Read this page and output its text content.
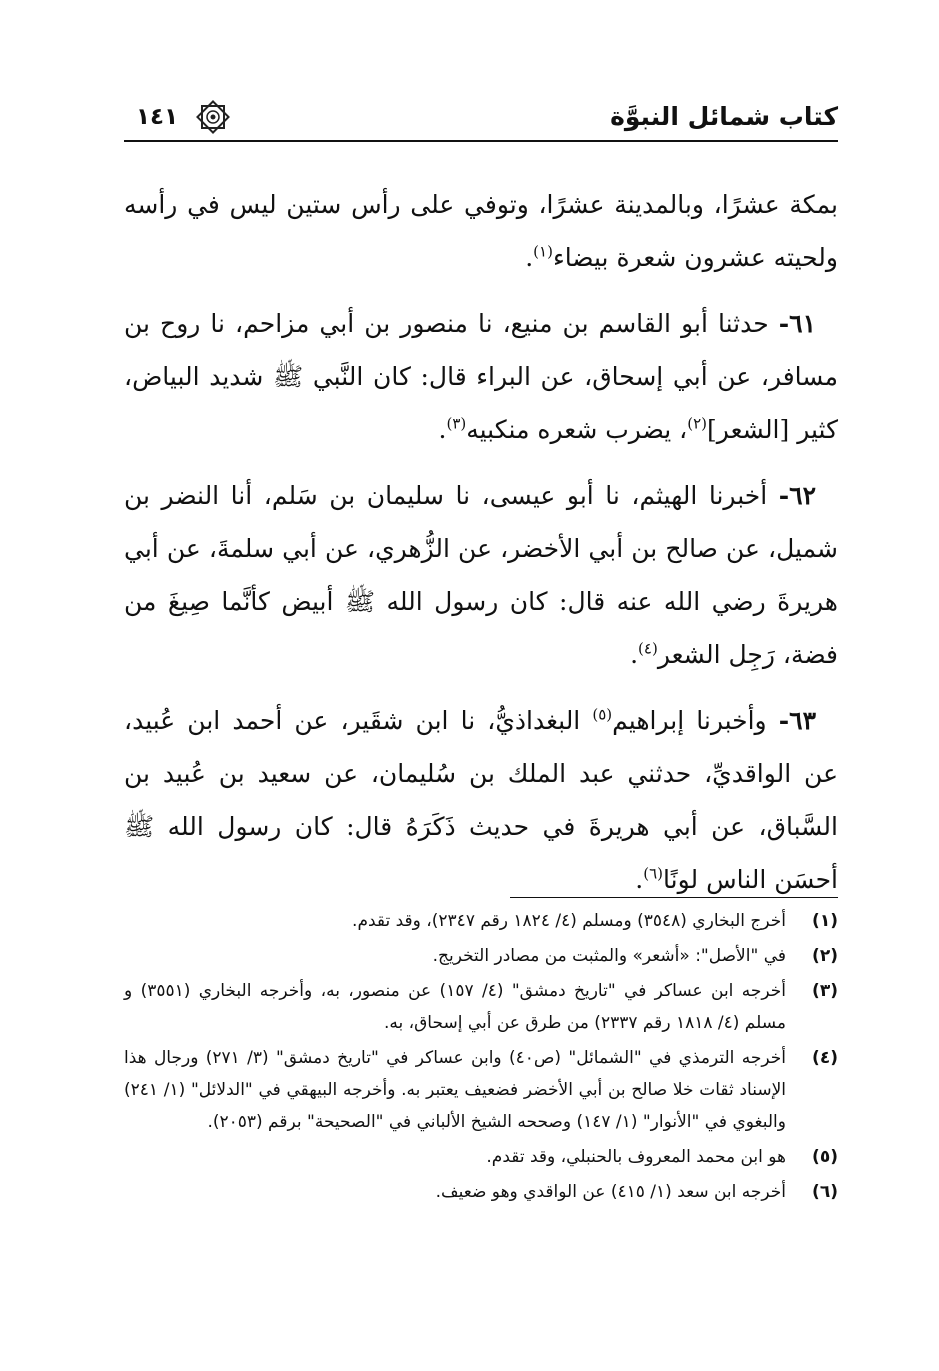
كتاب شمائل النبوَّة
١٤١

بمكة عشرًا، وبالمدينة عشرًا، وتوفي على رأس ستين ليس في رأسه ولحيته عشرون شعرة بيضاء$^{(١)}$.

٦١- حدثنا أبو القاسم بن منيع، نا منصور بن أبي مزاحم، نا روح بن مسافر، عن أبي إسحاق، عن البراء قال: كان النَّبي ﷺ شديد البياض، كثير [الشعر]$^{(٢)}$، يضرب شعره منكبيه$^{(٣)}$.

٦٢- أخبرنا الهيثم، نا أبو عيسى، نا سليمان بن سَلم، أنا النضر بن شميل، عن صالح بن أبي الأخضر، عن الزُّهري، عن أبي سلمةَ، عن أبي هريرةَ رضي الله عنه قال: كان رسول الله ﷺ أبيض كأنَّما صِيغَ من فضة، رَجِل الشعر$^{(٤)}$.

٦٣- وأخبرنا إبراهيم$^{(٥)}$ البغداذيُّ، نا ابن شقَير، عن أحمد ابن عُبيد، عن الواقديِّ، حدثني عبد الملك بن سُليمان، عن سعيد بن عُبيد بن السَّباق، عن أبي هريرةَ في حديث ذَكَرَهُ قال: كان رسول الله ﷺ أحسَن الناس لونًا$^{(٦)}$.

(١)
أخرج البخاري (٣٥٤٨) ومسلم (٤/ ١٨٢٤ رقم ٢٣٤٧)، وقد تقدم.
(٢)
في "الأصل": «أشعر» والمثبت من مصادر التخريج.
(٣)
أخرجه ابن عساكر في "تاريخ دمشق" (٤/ ١٥٧) عن منصور، به، وأخرجه البخاري (٣٥٥١) و مسلم (٤/ ١٨١٨ رقم ٢٣٣٧) من طرق عن أبي إسحاق، به.
(٤)
أخرجه الترمذي في "الشمائل" (ص٤٠) وابن عساكر في "تاريخ دمشق" (٣/ ٢٧١) ورجال هذا الإسناد ثقات خلا صالح بن أبي الأخضر فضعيف يعتبر به. وأخرجه البيهقي في "الدلائل" (١/ ٢٤١) والبغوي في "الأنوار" (١/ ١٤٧) وصححه الشيخ الألباني في "الصحيحة" برقم (٢٠٥٣).
(٥)
هو ابن محمد المعروف بالحنبلي، وقد تقدم.
(٦)
أخرجه ابن سعد (١/ ٤١٥) عن الواقدي وهو ضعيف.
